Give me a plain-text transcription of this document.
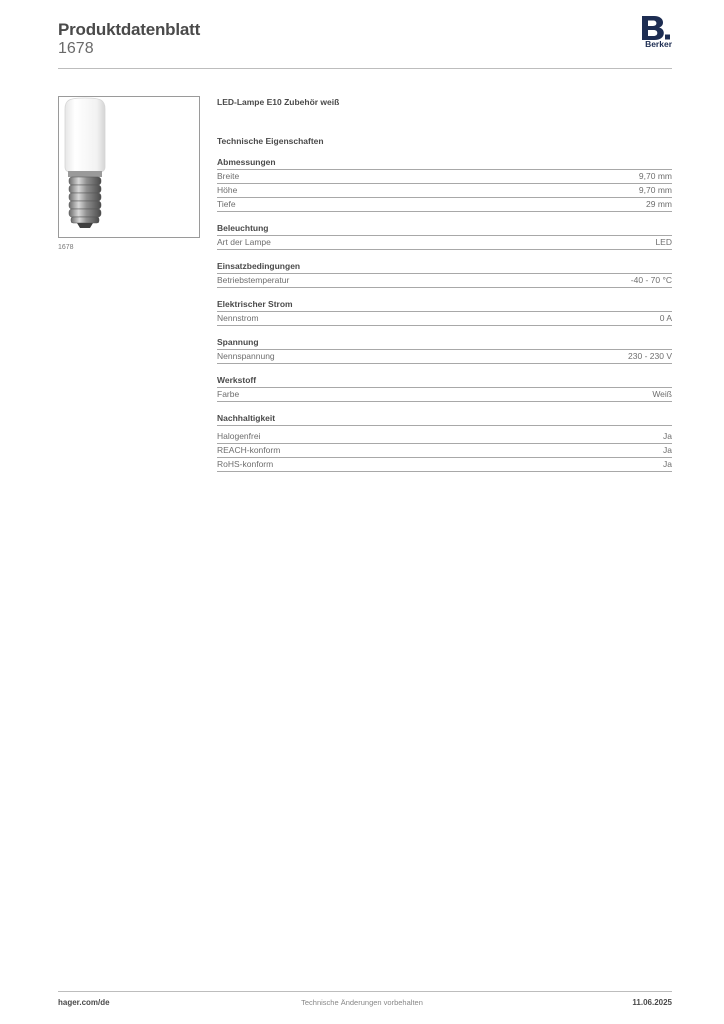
Produktdatenblatt
1678	Berker
1678
LED-Lampe E10 Zubehör weiß
Technische Eigenschaften
Abmessungen
Breite	9,70 mm
Höhe	9,70 mm
Tiefe	29 mm
Beleuchtung
Art der Lampe	LED
Einsatzbedingungen
Betriebstemperatur	-40 - 70 °C
Elektrischer Strom
Nennstrom	0 A
Spannung
Nennspannung	230 - 230 V
Werkstoff
Farbe	Weiß
Nachhaltigkeit
Halogenfrei	Ja
REACH-konform	Ja
RoHS-konform	Ja
hager.com/de	Technische Änderungen vorbehalten	11.06.2025
